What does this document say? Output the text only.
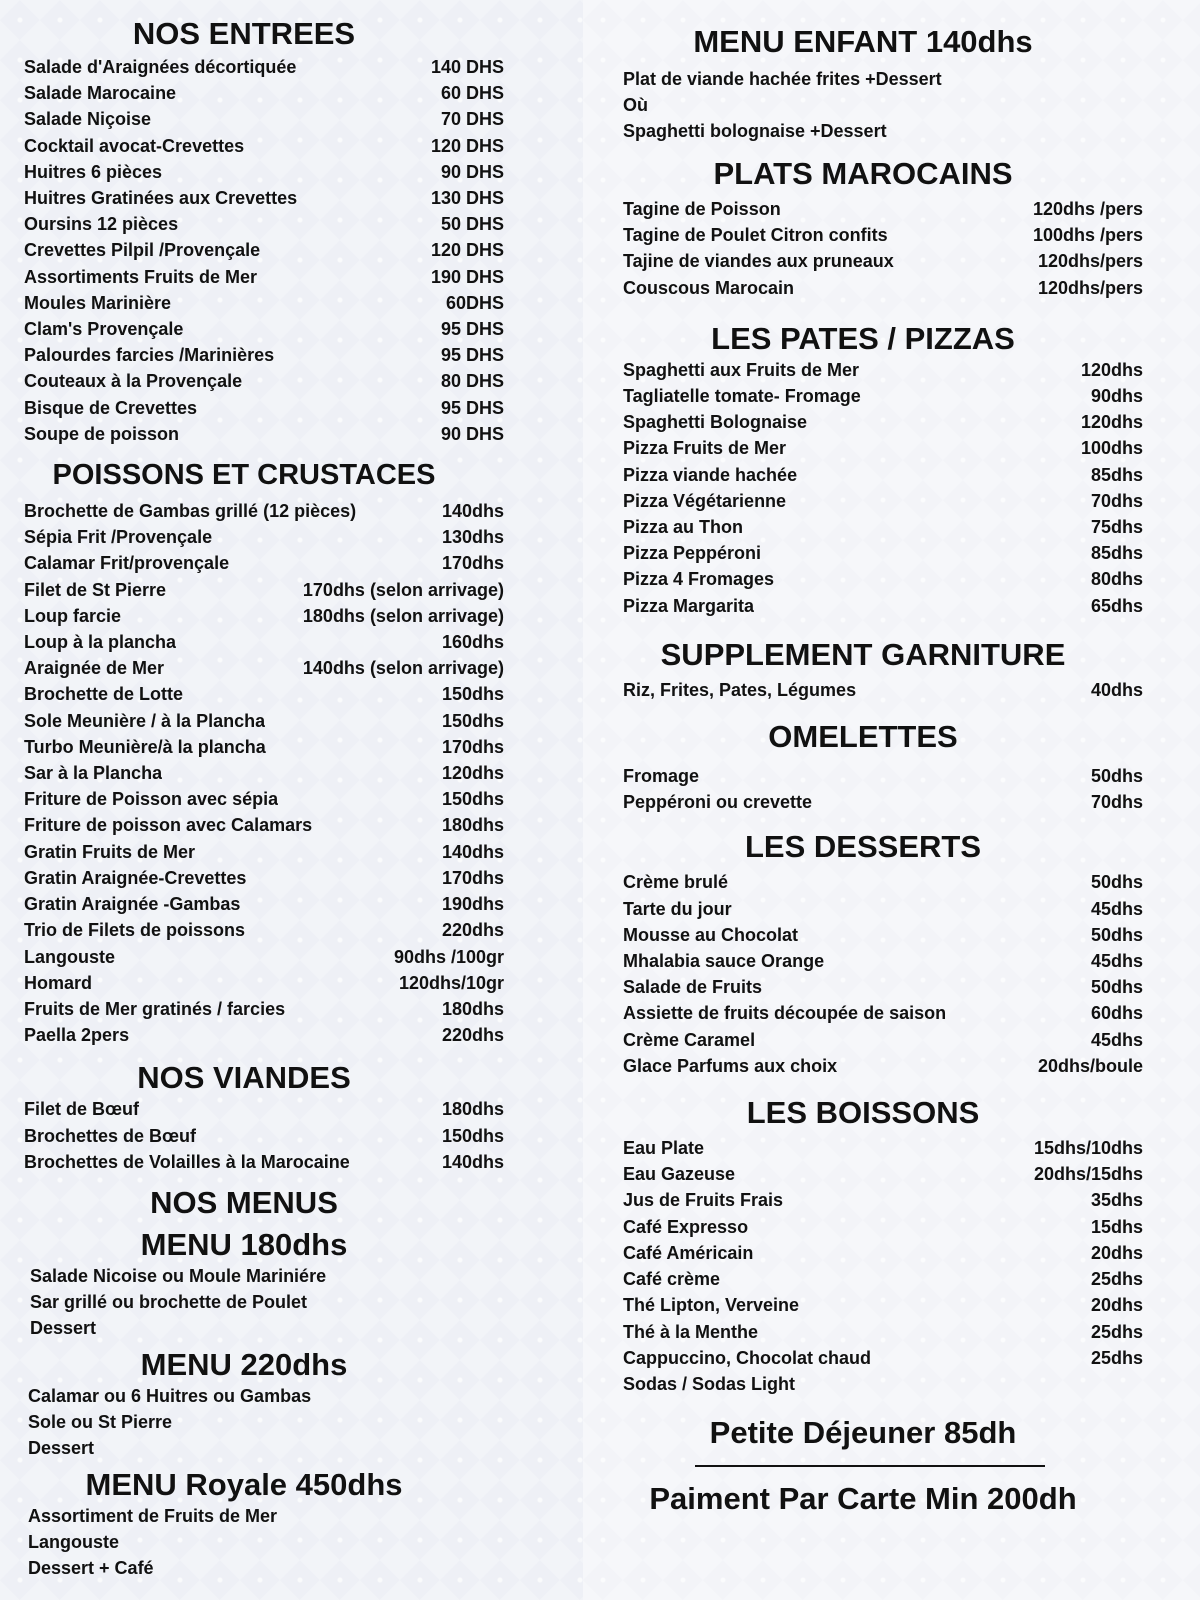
NOS ENTREES
Salade d'Araignées décortiquée	140 DHS
Salade Marocaine	60 DHS
Salade Niçoise	70 DHS
Cocktail avocat-Crevettes	120 DHS
Huitres 6 pièces	90 DHS
Huitres Gratinées aux Crevettes	130 DHS
Oursins 12 pièces	50 DHS
Crevettes Pilpil /Provençale	120 DHS
Assortiments Fruits de Mer	190 DHS
Moules Marinière	60DHS
Clam's Provençale	95 DHS
Palourdes farcies /Marinières	95 DHS
Couteaux à la Provençale	80 DHS
Bisque de Crevettes	95 DHS
Soupe de poisson	90 DHS
POISSONS ET CRUSTACES
Brochette de Gambas grillé (12 pièces)	140dhs
Sépia Frit /Provençale	130dhs
Calamar Frit/provençale	170dhs
Filet de St Pierre	170dhs (selon arrivage)
Loup farcie	180dhs (selon arrivage)
Loup à la plancha	160dhs
Araignée de Mer	140dhs (selon arrivage)
Brochette de Lotte	150dhs
Sole Meunière / à la Plancha	150dhs
Turbo Meunière/à la plancha	170dhs
Sar à la Plancha	120dhs
Friture de Poisson avec sépia	150dhs
Friture de poisson avec Calamars	180dhs
Gratin Fruits de Mer	140dhs
Gratin Araignée-Crevettes	170dhs
Gratin Araignée -Gambas	190dhs
Trio de Filets de poissons	220dhs
Langouste	90dhs /100gr
Homard	120dhs/10gr
Fruits de Mer gratinés / farcies	180dhs
Paella 2pers	220dhs
NOS VIANDES
Filet de Bœuf	180dhs
Brochettes de Bœuf	150dhs
Brochettes de Volailles à la Marocaine	140dhs
NOS MENUS
MENU 180dhs
Salade Nicoise ou Moule Mariniére
Sar grillé ou brochette de Poulet
Dessert
MENU 220dhs
Calamar ou 6 Huitres ou Gambas
Sole ou St Pierre
Dessert
MENU Royale 450dhs
Assortiment de Fruits de Mer
Langouste
Dessert + Café
MENU ENFANT 140dhs
Plat de viande hachée frites +Dessert
Où
Spaghetti bolognaise +Dessert
PLATS MAROCAINS
Tagine de Poisson	120dhs /pers
Tagine de Poulet Citron confits	100dhs /pers
Tajine de viandes aux pruneaux	120dhs/pers
Couscous Marocain	120dhs/pers
LES PATES / PIZZAS
Spaghetti aux Fruits de Mer	120dhs
Tagliatelle tomate- Fromage	90dhs
Spaghetti Bolognaise	120dhs
Pizza Fruits de Mer	100dhs
Pizza viande hachée	85dhs
Pizza Végétarienne	70dhs
Pizza au Thon	75dhs
Pizza Peppéroni	85dhs
Pizza 4 Fromages	80dhs
Pizza Margarita	65dhs
SUPPLEMENT GARNITURE
Riz, Frites, Pates, Légumes	40dhs
OMELETTES
Fromage	50dhs
Peppéroni ou crevette	70dhs
LES DESSERTS
Crème brulé	50dhs
Tarte du jour	45dhs
Mousse au Chocolat	50dhs
Mhalabia sauce Orange	45dhs
Salade de Fruits	50dhs
Assiette de fruits découpée de saison	60dhs
Crème Caramel	45dhs
Glace Parfums aux choix	20dhs/boule
LES BOISSONS
Eau Plate	15dhs/10dhs
Eau Gazeuse	20dhs/15dhs
Jus de Fruits Frais	35dhs
Café Expresso	15dhs
Café Américain	20dhs
Café crème	25dhs
Thé Lipton, Verveine	20dhs
Thé à la Menthe	25dhs
Cappuccino, Chocolat chaud	25dhs
Sodas / Sodas Light
Petite Déjeuner 85dh
Paiment Par Carte Min 200dh
